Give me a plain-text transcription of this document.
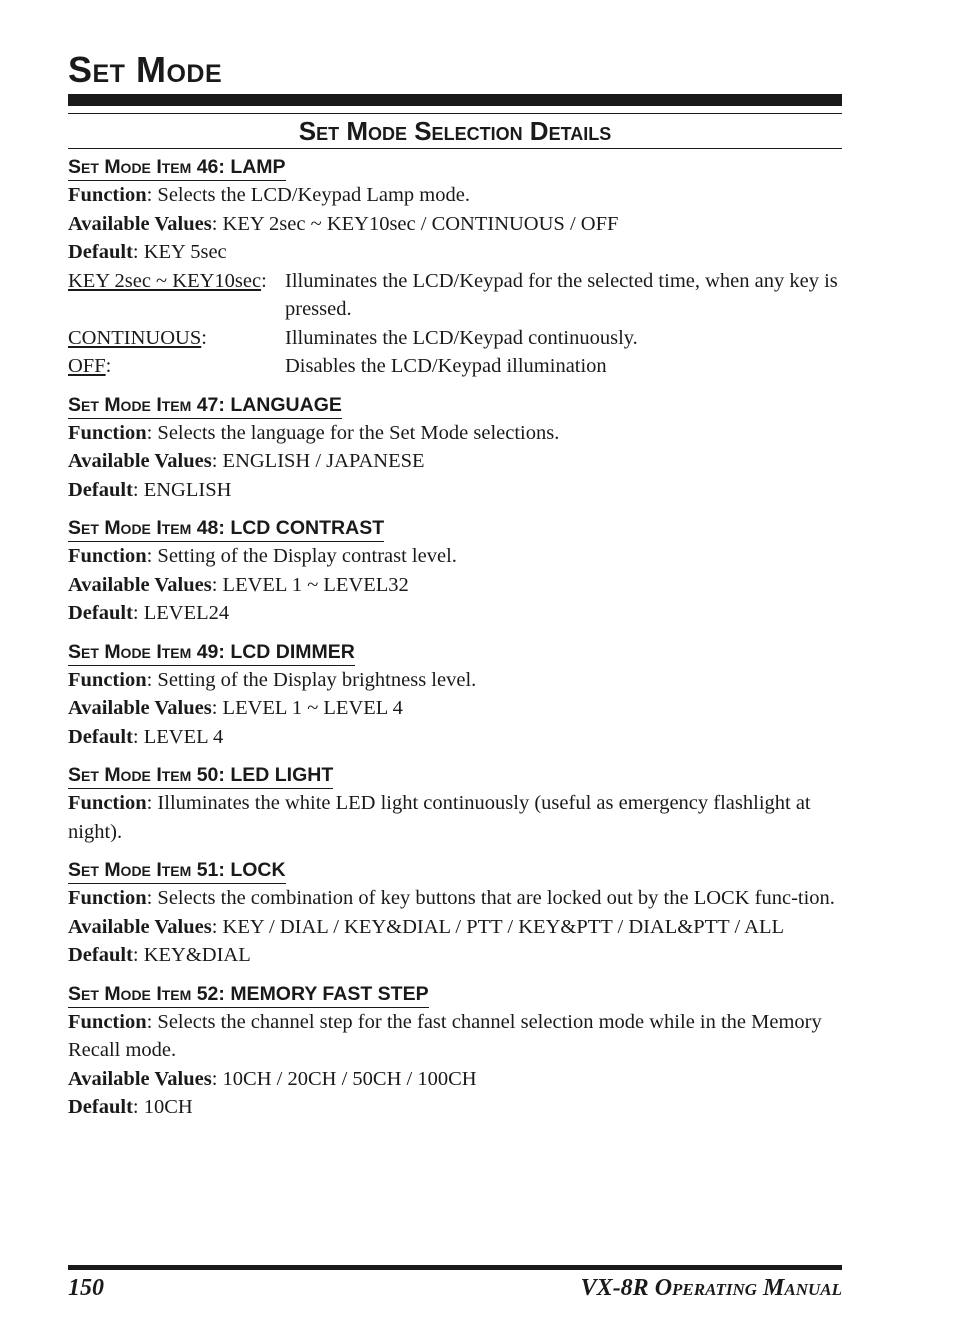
Set Mode
Set Mode Selection Details
Set Mode Item 46: LAMP
Function: Selects the LCD/Keypad Lamp mode.
Available Values: KEY 2sec ~ KEY10sec / CONTINUOUS / OFF
Default: KEY 5sec
KEY 2sec ~ KEY10sec: Illuminates the LCD/Keypad for the selected time, when any key is pressed.
CONTINUOUS:	Illuminates the LCD/Keypad continuously.
OFF:	Disables the LCD/Keypad illumination
Set Mode Item 47: LANGUAGE
Function: Selects the language for the Set Mode selections.
Available Values: ENGLISH / JAPANESE
Default: ENGLISH
Set Mode Item 48: LCD CONTRAST
Function: Setting of the Display contrast level.
Available Values: LEVEL 1 ~ LEVEL32
Default: LEVEL24
Set Mode Item 49: LCD DIMMER
Function: Setting of the Display brightness level.
Available Values: LEVEL 1 ~ LEVEL 4
Default: LEVEL 4
Set Mode Item 50: LED LIGHT
Function: Illuminates the white LED light continuously (useful as emergency flashlight at night).
Set Mode Item 51: LOCK
Function: Selects the combination of key buttons that are locked out by the LOCK func-tion.
Available Values: KEY / DIAL / KEY&DIAL / PTT / KEY&PTT / DIAL&PTT / ALL
Default: KEY&DIAL
Set Mode Item 52: MEMORY FAST STEP
Function: Selects the channel step for the fast channel selection mode while in the Memory Recall mode.
Available Values: 10CH / 20CH / 50CH / 100CH
Default: 10CH
150	VX-8R Operating Manual
